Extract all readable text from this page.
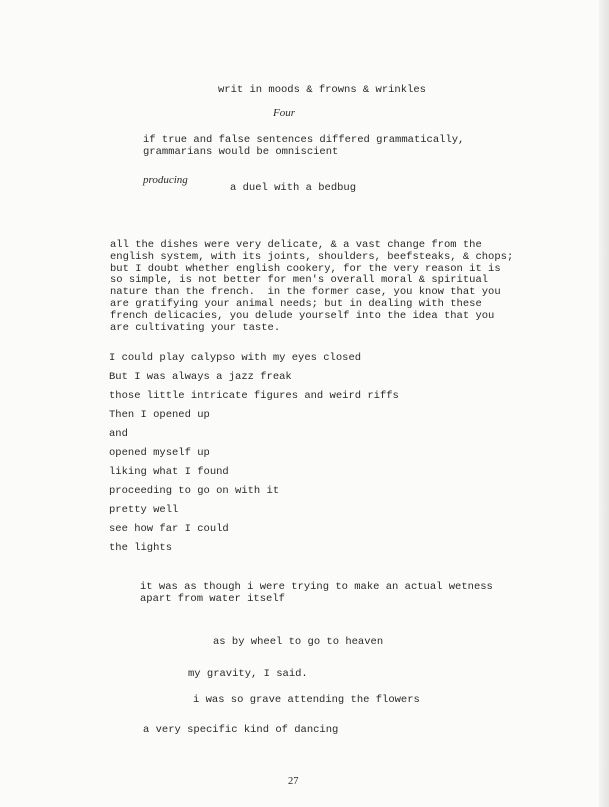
writ in moods & frowns & wrinkles
Four
if true and false sentences differed grammatically,
grammarians would be omniscient
producing
a duel with a bedbug
all the dishes were very delicate, & a vast change from the
english system, with its joints, shoulders, beefsteaks, & chops;
but I doubt whether english cookery, for the very reason it is
so simple, is not better for men's overall moral & spiritual
nature than the french.  in the former case, you know that you
are gratifying your animal needs; but in dealing with these
french delicacies, you delude yourself into the idea that you
are cultivating your taste.
I could play calypso with my eyes closed
But I was always a jazz freak
those little intricate figures and weird riffs
Then I opened up
and
opened myself up
liking what I found
proceeding to go on with it
pretty well
see how far I could
the lights
it was as though i were trying to make an actual wetness
apart from water itself
as by wheel to go to heaven
my gravity, I said.
i was so grave attending the flowers
a very specific kind of dancing
27
